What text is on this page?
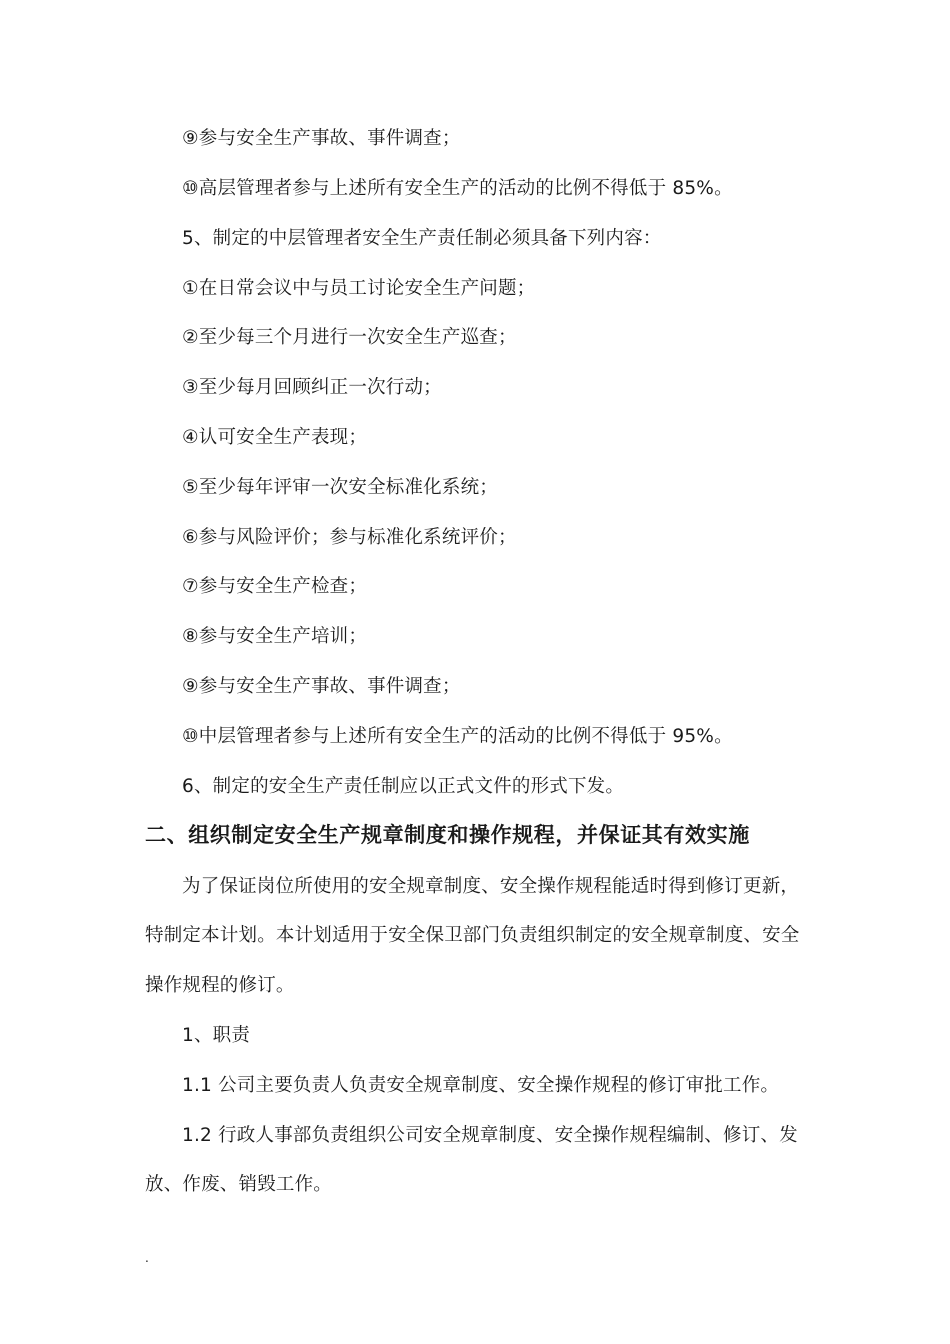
⑨参与安全生产事故、事件调查；
⑩高层管理者参与上述所有安全生产的活动的比例不得低于 85%。
5、制定的中层管理者安全生产责任制必须具备下列内容：
①在日常会议中与员工讨论安全生产问题；
②至少每三个月进行一次安全生产巡查；
③至少每月回顾纠正一次行动；
④认可安全生产表现；
⑤至少每年评审一次安全标准化系统；
⑥参与风险评价；参与标准化系统评价；
⑦参与安全生产检查；
⑧参与安全生产培训；
⑨参与安全生产事故、事件调查；
⑩中层管理者参与上述所有安全生产的活动的比例不得低于 95%。
6、制定的安全生产责任制应以正式文件的形式下发。
二、组织制定安全生产规章制度和操作规程，并保证其有效实施
为了保证岗位所使用的安全规章制度、安全操作规程能适时得到修订更新，
特制定本计划。本计划适用于安全保卫部门负责组织制定的安全规章制度、安全
操作规程的修订。
1、职责
1.1 公司主要负责人负责安全规章制度、安全操作规程的修订审批工作。
1.2 行政人事部负责组织公司安全规章制度、安全操作规程编制、修订、发
放、作废、销毁工作。
.
